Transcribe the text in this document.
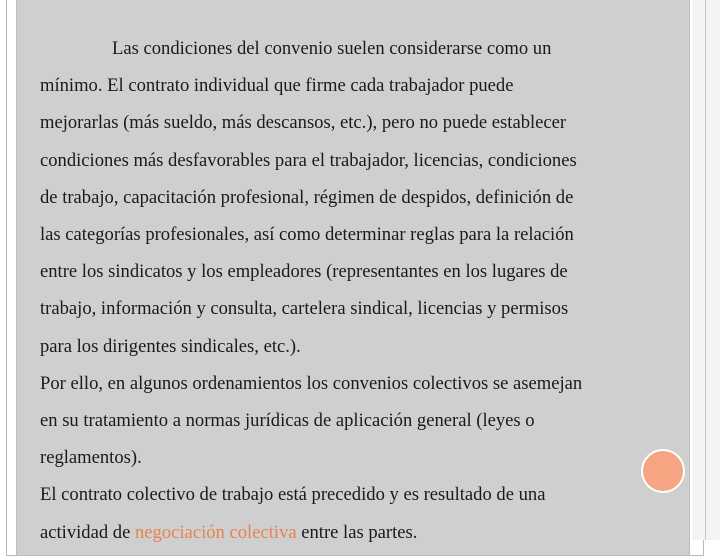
Las condiciones del convenio suelen considerarse como un
mínimo. El contrato individual que firme cada trabajador puede
mejorarlas (más sueldo, más descansos, etc.), pero no puede establecer
condiciones más desfavorables para el trabajador, licencias, condiciones
de trabajo, capacitación profesional, régimen de despidos, definición de
las categorías profesionales, así como determinar reglas para la relación
entre los sindicatos y los empleadores (representantes en los lugares de
trabajo, información y consulta, cartelera sindical, licencias y permisos
para los dirigentes sindicales, etc.).
Por ello, en algunos ordenamientos los convenios colectivos se asemejan
en su tratamiento a normas jurídicas de aplicación general (leyes o
reglamentos).
El contrato colectivo de trabajo está precedido y es resultado de una
actividad de negociación colectiva entre las partes.
